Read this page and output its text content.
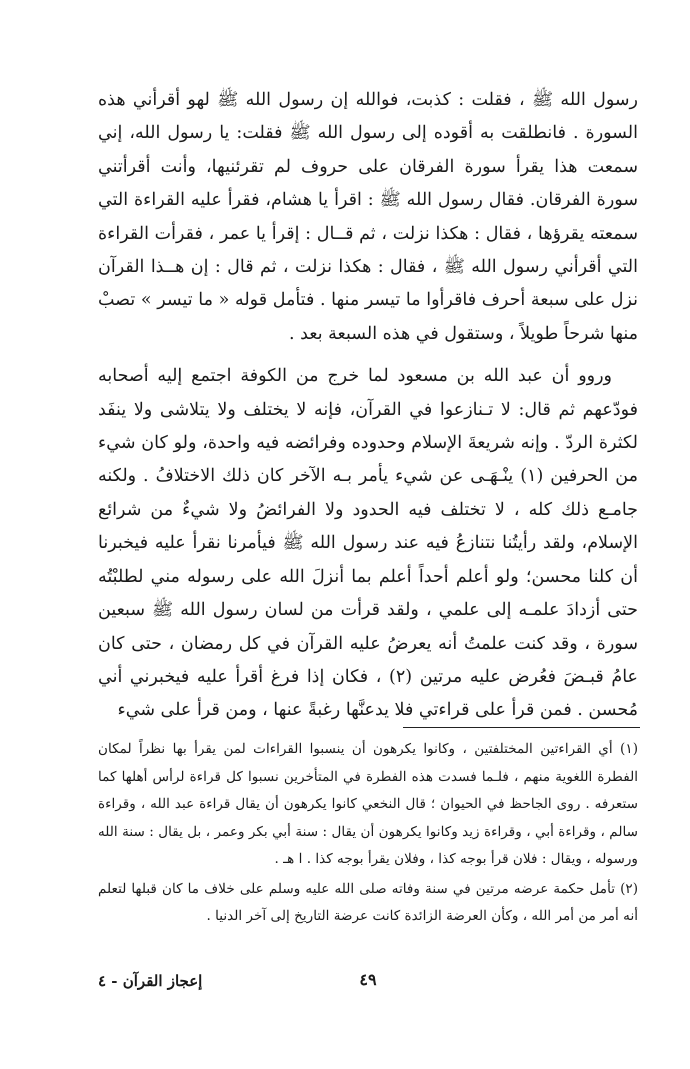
رسول الله ﷺ ، فقلت : كذبت، فوالله إن رسول الله ﷺ لهو أقرأني هذه السورة . فانطلقت به أقوده إلى رسول الله ﷺ فقلت: يا رسول الله، إني سمعت هذا يقرأ سورة الفرقان على حروف لم تقرئنيها، وأنت أقرأتني سورة الفرقان. فقال رسول الله ﷺ : اقرأ يا هشام، فقرأ عليه القراءة التي سمعته يقرؤها ، فقال : هكذا نزلت ، ثم قــال : إقرأ يا عمر ، فقرأت القراءة التي أقرأني رسول الله ﷺ ، فقال : هكذا نزلت ، ثم قال : إن هــذا القرآن نزل على سبعة أحرف فاقرأوا ما تيسر منها . فتأمل قوله « ما تيسر » تصبْ منها شرحاً طويلاً ، وستقول في هذه السبعة بعد .

وروو أن عبد الله بن مسعود لما خرج من الكوفة اجتمع إليه أصحابه فودّعهم ثم قال: لا تـنازعوا في القرآن، فإنه لا يختلف ولا يتلاشى ولا ينفَد لكثرة الردّ . وإنه شريعةَ الإسلام وحدوده وفرائضه فيه واحدة، ولو كان شيء من الحرفين (١) ينْـهَـى عن شيء يأمر بـه الآخر كان ذلك الاختلافُ . ولكنه جامـع ذلك كله ، لا تختلف فيه الحدود ولا الفرائضُ ولا شيءٌ من شرائع الإسلام، ولقد رأيتُنا نتنازعُ فيه عند رسول الله ﷺ فيأمرنا نقرأ عليه فيخبرنا أن كلنا محسن؛ ولو أعلم أحداً أعلم بما أنزلَ الله على رسوله مني لطلبْتُه حتى أزدادَ علمـه إلى علمي ، ولقد قرأت من لسان رسول الله ﷺ سبعين سورة ، وقد كنت علمتُ أنه يعرضُ عليه القرآن في كل رمضان ، حتى كان عامُ قبـضَ فعُرض عليه مرتين (٢) ، فكان إذا فرغ أقرأ عليه فيخبرني أني مُحسن . فمن قرأ على قراءتي فلا يدعنَّها رغبةً عنها ، ومن قرأ على شيء

(١) أي القراءتين المختلفتين ، وكانوا يكرهون أن ينسبوا القراءات لمن يقرأ بها نظراً لمكان الفطرة اللغوية منهم ، فلـما فسدت هذه الفطرة في المتأخرين نسبوا كل قراءة لرأس أهلها كما ستعرفه . روى الجاحظ في الحيوان ؛ قال النخعي كانوا يكرهون أن يقال قراءة عبد الله ، وقراءة سالم ، وقراءة أبي ، وقراءة زيد وكانوا يكرهون أن يقال : سنة أبي بكر وعمر ، بل يقال : سنة الله ورسوله ، ويقال : فلان قرأ بوجه كذا ، وفلان يقرأ بوجه كذا . ا هـ .

(٢) تأمل حكمة عرضه مرتين في سنة وفاته صلى الله عليه وسلم على خلاف ما كان قبلها لتعلم أنه أمر من أمر الله ، وكأن العرضة الزائدة كانت عرضة التاريخ إلى آخر الدنيا .

٤٩
إعجاز القرآن - ٤
